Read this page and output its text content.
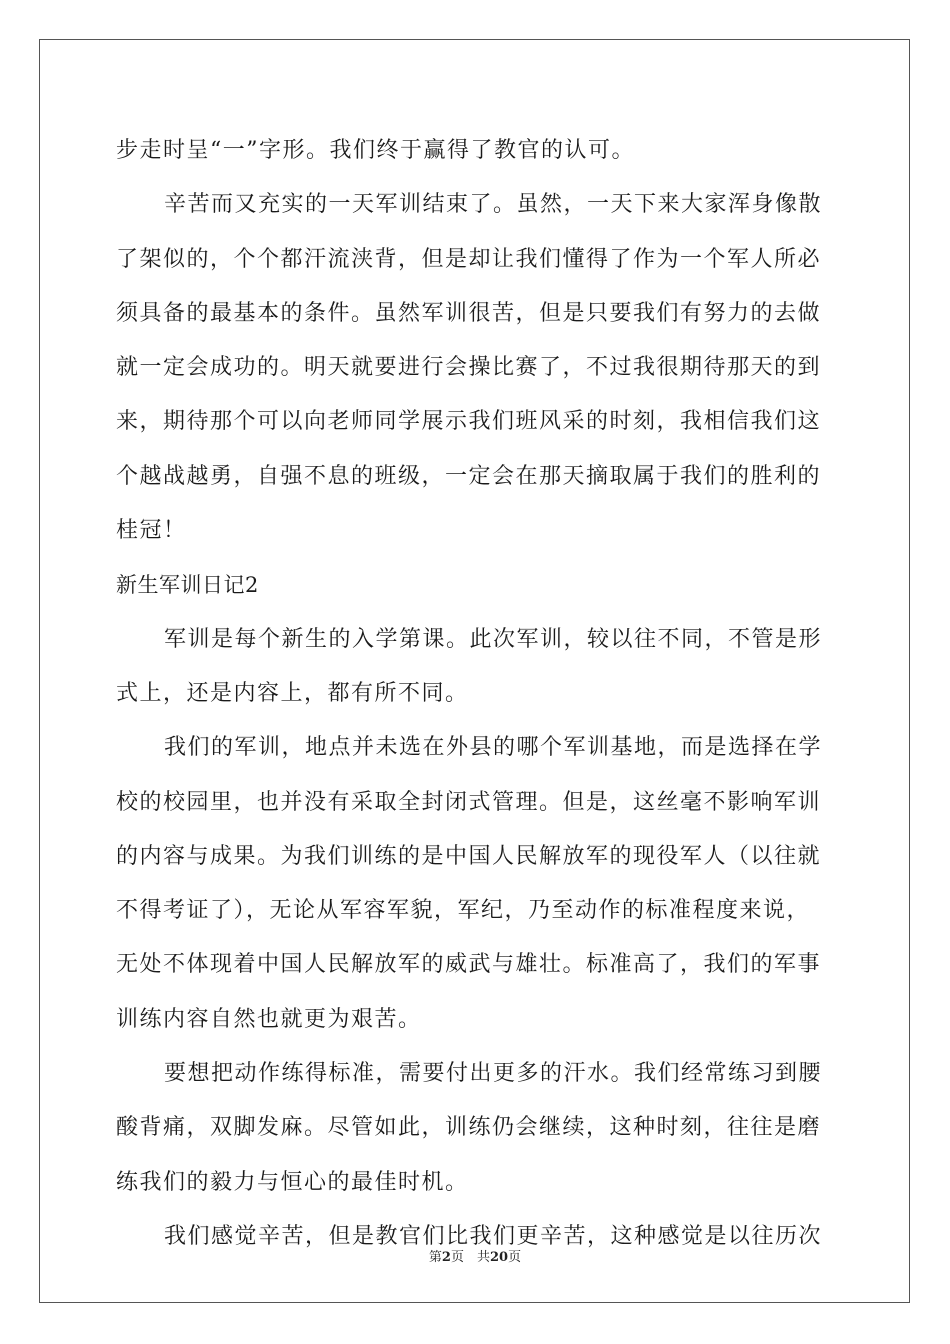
步走时呈“一”字形。我们终于赢得了教官的认可。
辛苦而又充实的一天军训结束了。虽然，一天下来大家浑身像散
了架似的，个个都汗流浃背，但是却让我们懂得了作为一个军人所必
须具备的最基本的条件。虽然军训很苦，但是只要我们有努力的去做
就一定会成功的。明天就要进行会操比赛了，不过我很期待那天的到
来，期待那个可以向老师同学展示我们班风采的时刻，我相信我们这
个越战越勇，自强不息的班级，一定会在那天摘取属于我们的胜利的
桂冠！
新生军训日记2
军训是每个新生的入学第课。此次军训，较以往不同，不管是形
式上，还是内容上，都有所不同。
我们的军训，地点并未选在外县的哪个军训基地，而是选择在学
校的校园里，也并没有采取全封闭式管理。但是，这丝毫不影响军训
的内容与成果。为我们训练的是中国人民解放军的现役军人（以往就
不得考证了），无论从军容军貌，军纪，乃至动作的标准程度来说，
无处不体现着中国人民解放军的威武与雄壮。标准高了，我们的军事
训练内容自然也就更为艰苦。
要想把动作练得标准，需要付出更多的汗水。我们经常练习到腰
酸背痛，双脚发麻。尽管如此，训练仍会继续，这种时刻，往往是磨
练我们的毅力与恒心的最佳时机。
我们感觉辛苦，但是教官们比我们更辛苦，这种感觉是以往历次
第2页　共20页
